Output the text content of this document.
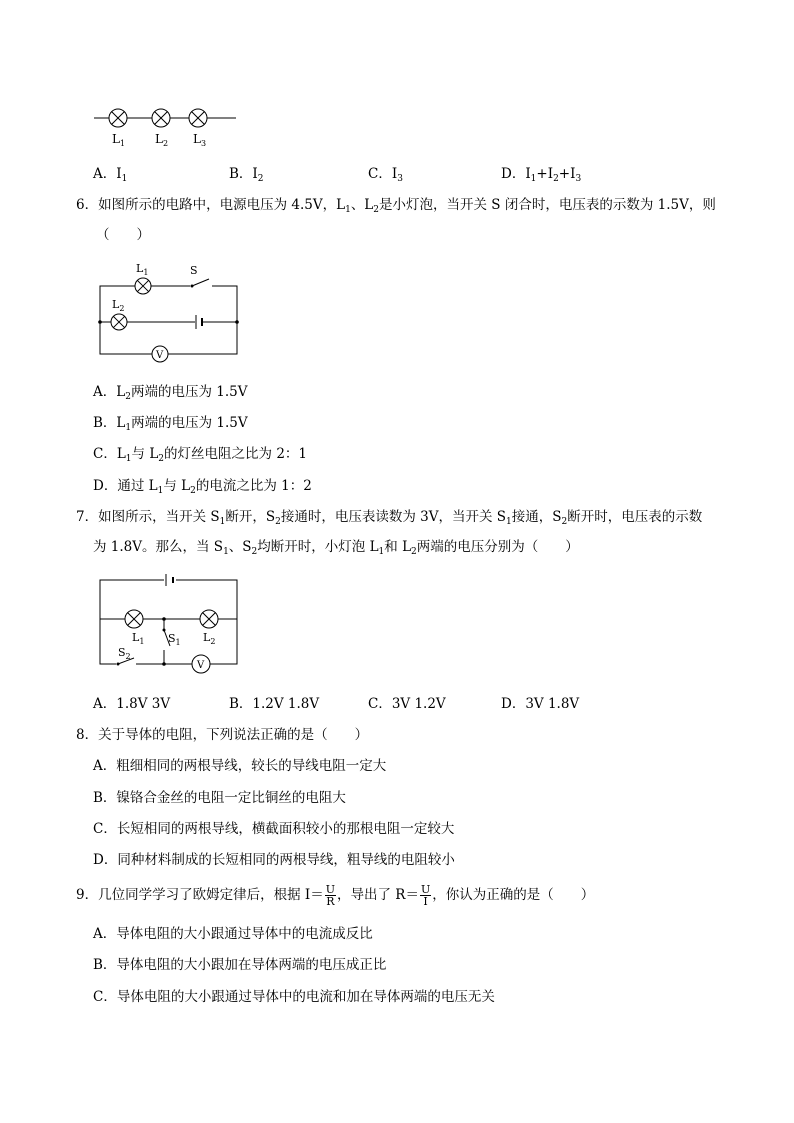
$L_1$ $L_2$ $L_3$
A．$I_1$	B．$I_2$	C．$I_3$	D．$I_1+I_2+I_3$
6．如图所示的电路中，电源电压为 4.5V，$L_1$、$L_2$是小灯泡，当开关 S 闭合时，电压表的示数为 1.5V，则
（　　）
$L_1$	S
$L_2$
V
A．$L_2$两端的电压为 1.5V
B．$L_1$两端的电压为 1.5V
C．$L_1$与 $L_2$的灯丝电阻之比为 2：1
D．通过 $L_1$与 $L_2$的电流之比为 1：2
7．如图所示，当开关 $S_1$断开，$S_2$接通时，电压表读数为 3V，当开关 $S_1$接通，$S_2$断开时，电压表的示数
为 1.8V。那么，当 $S_1$、$S_2$均断开时，小灯泡 $L_1$和 $L_2$两端的电压分别为（　　）
$L_1$	$L_2$
$S_1$
$S_2$
V
A．1.8V 3V	B．1.2V 1.8V	C．3V 1.2V	D．3V 1.8V
8．关于导体的电阻，下列说法正确的是（　　）
A．粗细相同的两根导线，较长的导线电阻一定大
B．镍铬合金丝的电阻一定比铜丝的电阻大
C．长短相同的两根导线，横截面积较小的那根电阻一定较大
D．同种材料制成的长短相同的两根导线，粗导线的电阻较小
9．几位同学学习了欧姆定律后，根据 $I= \frac{U}{R}$ ，导出了 $R= \frac{U}{I}$ ，你认为正确的是（　　）
A．导体电阻的大小跟通过导体中的电流成反比
B．导体电阻的大小跟加在导体两端的电压成正比
C．导体电阻的大小跟通过导体中的电流和加在导体两端的电压无关
